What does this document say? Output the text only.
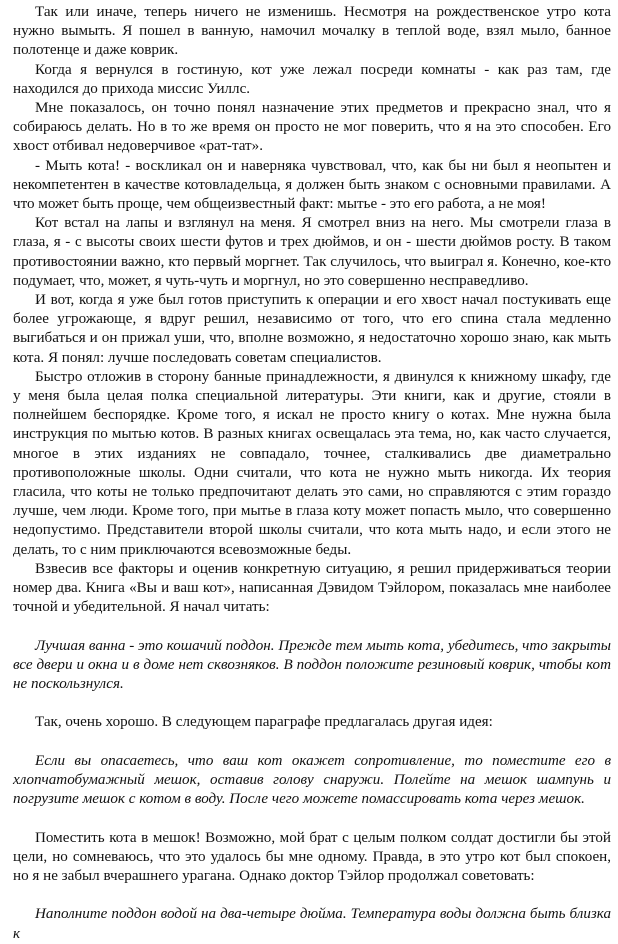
Так или иначе, теперь ничего не изменишь. Несмотря на рождественское утро кота нужно вымыть. Я пошел в ванную, намочил мочалку в теплой воде, взял мыло, банное полотенце и даже коврик.

Когда я вернулся в гостиную, кот уже лежал посреди комнаты - как раз там, где находился до прихода миссис Уиллс.

Мне показалось, он точно понял назначение этих предметов и прекрасно знал, что я собираюсь делать. Но в то же время он просто не мог поверить, что я на это способен. Его хвост отбивал недоверчивое «рат-тат».

- Мыть кота! - воскликал он и наверняка чувствовал, что, как бы ни был я неопытен и некомпетентен в качестве котовладельца, я должен быть знаком с основными правилами. А что может быть проще, чем общеизвестный факт: мытье - это его работа, а не моя!

Кот встал на лапы и взглянул на меня. Я смотрел вниз на него. Мы смотрели глаза в глаза, я - с высоты своих шести футов и трех дюймов, и он - шести дюймов росту. В таком противостоянии важно, кто первый моргнет. Так случилось, что выиграл я. Конечно, кое-кто подумает, что, может, я чуть-чуть и моргнул, но это совершенно несправедливо.

И вот, когда я уже был готов приступить к операции и его хвост начал постукивать еще более угрожающе, я вдруг решил, независимо от того, что его спина стала медленно выгибаться и он прижал уши, что, вполне возможно, я недостаточно хорошо знаю, как мыть кота. Я понял: лучше последовать советам специалистов.

Быстро отложив в сторону банные принадлежности, я двинулся к книжному шкафу, где у меня была целая полка специальной литературы. Эти книги, как и другие, стояли в полнейшем беспорядке. Кроме того, я искал не просто книгу о котах. Мне нужна была инструкция по мытью котов. В разных книгах освещалась эта тема, но, как часто случается, многое в этих изданиях не совпадало, точнее, сталкивались две диаметрально противоположные школы. Одни считали, что кота не нужно мыть никогда. Их теория гласила, что коты не только предпочитают делать это сами, но справляются с этим гораздо лучше, чем люди. Кроме того, при мытье в глаза коту может попасть мыло, что совершенно недопустимо. Представители второй школы считали, что кота мыть надо, и если этого не делать, то с ним приключаются всевозможные беды.

Взвесив все факторы и оценив конкретную ситуацию, я решил придерживаться теории номер два. Книга «Вы и ваш кот», написанная Дэвидом Тэйлором, показалась мне наиболее точной и убедительной. Я начал читать:

Лучшая ванна - это кошачий поддон. Прежде тем мыть кота, убедитесь, что закрыты все двери и окна и в доме нет сквозняков. В поддон положите резиновый коврик, чтобы кот не поскользнулся.

Так, очень хорошо. В следующем параграфе предлагалась другая идея:

Если вы опасаетесь, что ваш кот окажет сопротивление, то поместите его в хлопчатобумажный мешок, оставив голову снаружи. Полейте на мешок шампунь и погрузите мешок с котом в воду. После чего можете помассировать кота через мешок.

Поместить кота в мешок! Возможно, мой брат с целым полком солдат достигли бы этой цели, но сомневаюсь, что это удалось бы мне одному. Правда, в это утро кот был спокоен, но я не забыл вчерашнего урагана. Однако доктор Тэйлор продолжал советовать:

Наполните поддон водой на два-четыре дюйма. Температура воды должна быть близка к
